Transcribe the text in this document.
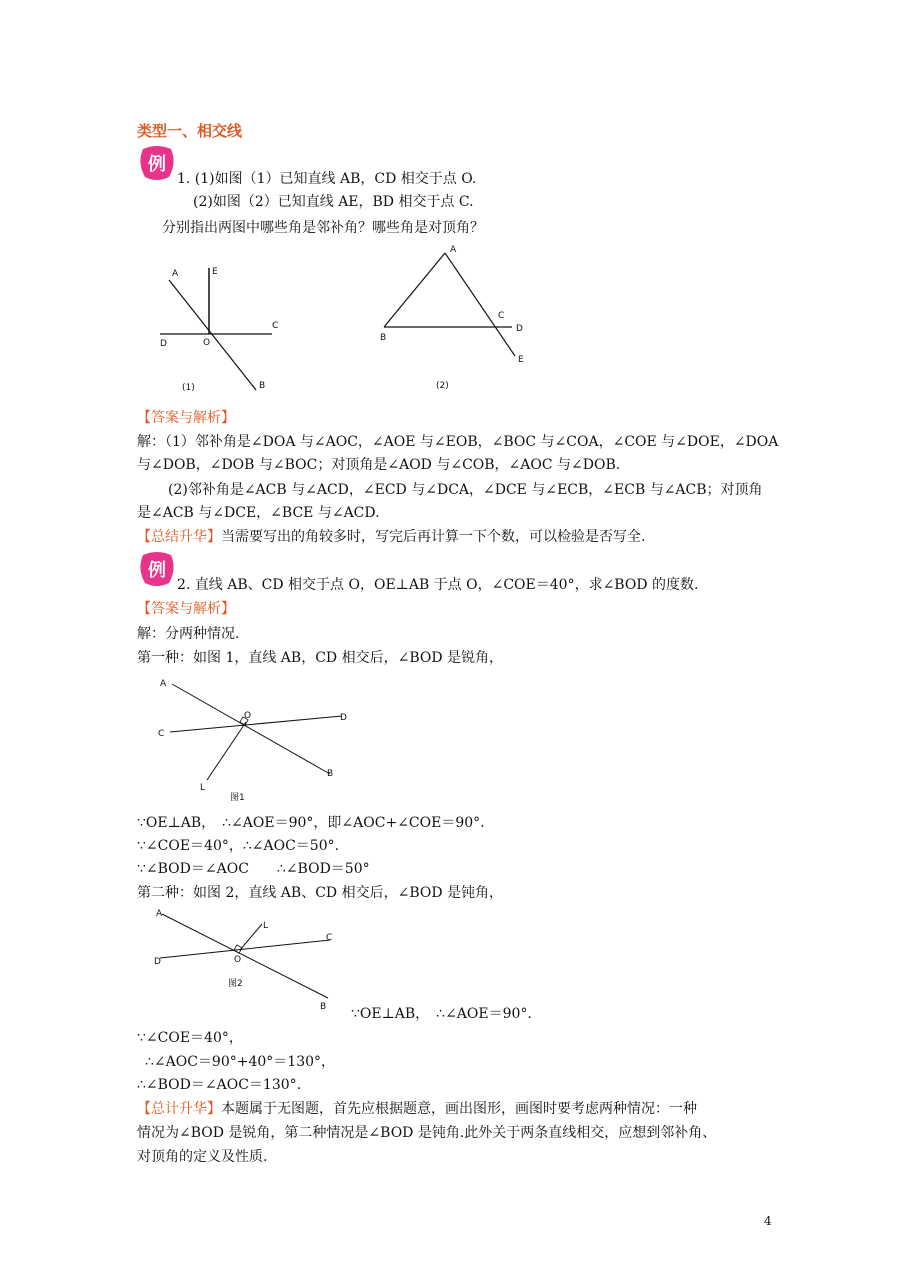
类型一、相交线
例
1. (1)如图（1）已知直线 AB，CD 相交于点 O.
(2)如图（2）已知直线 AE，BD 相交于点 C.
分别指出两图中哪些角是邻补角？哪些角是对顶角？
A	E
C
D	O
B
(1)
A
B
C
D
E
(2)
【答案与解析】
解：（1）邻补角是∠DOA 与∠AOC，∠AOE 与∠EOB，∠BOC 与∠COA，∠COE 与∠DOE，∠DOA
与∠DOB，∠DOB 与∠BOC；对顶角是∠AOD 与∠COB，∠AOC 与∠DOB.
(2)邻补角是∠ACB 与∠ACD，∠ECD 与∠DCA，∠DCE 与∠ECB，∠ECB 与∠ACB；对顶角
是∠ACB 与∠DCE，∠BCE 与∠ACD.
【总结升华】当需要写出的角较多时，写完后再计算一下个数，可以检验是否写全.
例
2. 直线 AB、CD 相交于点 O，OE⊥AB 于点 O，∠COE＝40°，求∠BOD 的度数.
【答案与解析】
解：分两种情况.
第一种：如图 1，直线 AB，CD 相交后，∠BOD 是锐角，
A
O	D
C
L
B
图1
∵OE⊥AB，　∴∠AOE＝90°，即∠AOC+∠COE＝90°.
∵∠COE＝40°，∴∠AOC＝50°.
∵∠BOD＝∠AOC　　∴∠BOD＝50°
第二种：如图 2，直线 AB、CD 相交后，∠BOD 是钝角，
A
L
C
D	O
B
图2
∵OE⊥AB，　∴∠AOE＝90°.
∵∠COE＝40°，
∴∠AOC＝90°+40°＝130°，
∴∠BOD＝∠AOC＝130°.
【总计升华】本题属于无图题，首先应根据题意，画出图形，画图时要考虑两种情况：一种
情况为∠BOD 是锐角，第二种情况是∠BOD 是钝角.此外关于两条直线相交，应想到邻补角、
对顶角的定义及性质.
4
